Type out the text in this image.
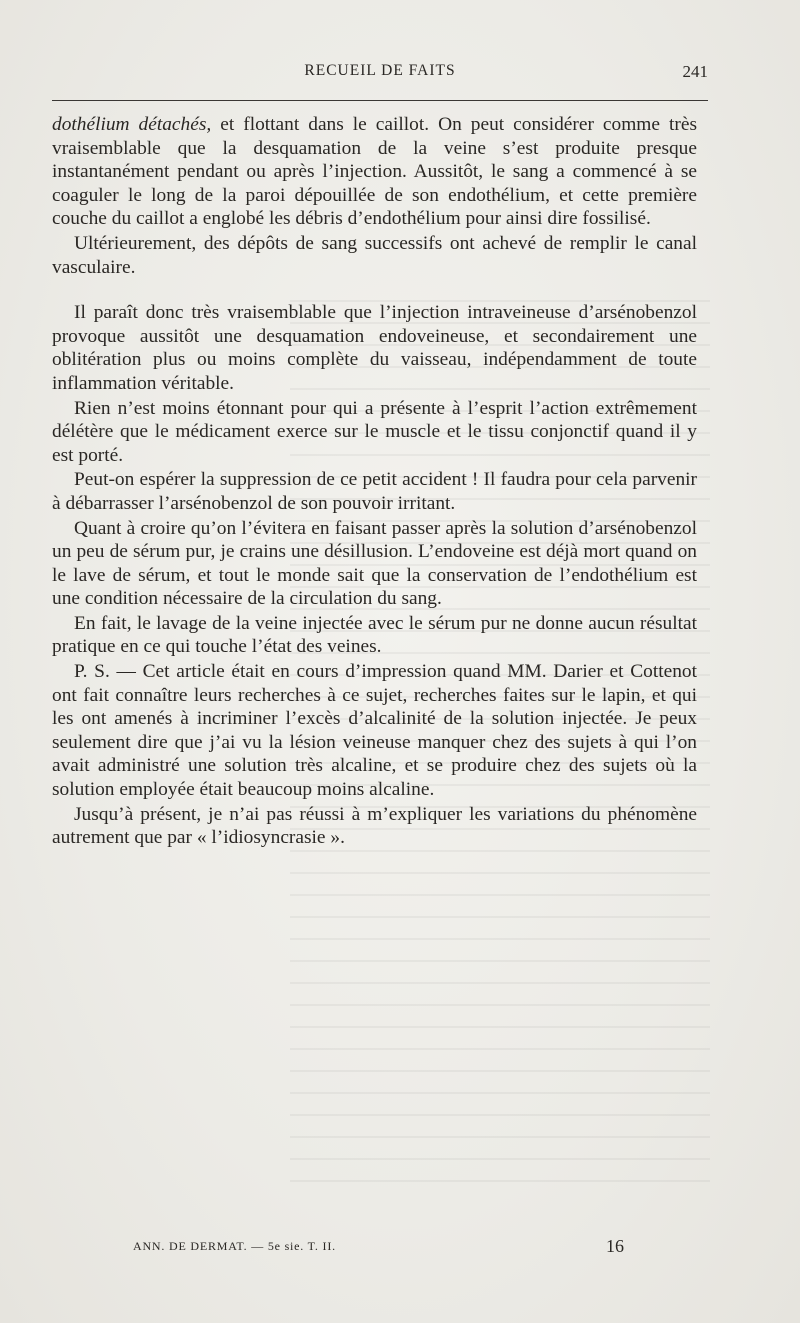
RECUEIL DE FAITS	241

dothélium détachés, et flottant dans le caillot. On peut considérer comme très vraisemblable que la desquamation de la veine s’est produite presque instantanément pendant ou après l’injection. Aussitôt, le sang a commencé à se coaguler le long de la paroi dépouillée de son endothélium, et cette première couche du caillot a englobé les débris d’endothélium pour ainsi dire fossilisé.

Ultérieurement, des dépôts de sang successifs ont achevé de remplir le canal vasculaire.

Il paraît donc très vraisemblable que l’injection intraveineuse d’arsénobenzol provoque aussitôt une desquamation endoveineuse, et secondairement une oblitération plus ou moins complète du vaisseau, indépendamment de toute inflammation véritable.

Rien n’est moins étonnant pour qui a présente à l’esprit l’action extrêmement délétère que le médicament exerce sur le muscle et le tissu conjonctif quand il y est porté.

Peut-on espérer la suppression de ce petit accident ! Il faudra pour cela parvenir à débarrasser l’arsénobenzol de son pouvoir irritant.

Quant à croire qu’on l’évitera en faisant passer après la solution d’arsénobenzol un peu de sérum pur, je crains une désillusion. L’endoveine est déjà mort quand on le lave de sérum, et tout le monde sait que la conservation de l’endothélium est une condition nécessaire de la circulation du sang.

En fait, le lavage de la veine injectée avec le sérum pur ne donne aucun résultat pratique en ce qui touche l’état des veines.

P. S. — Cet article était en cours d’impression quand MM. Darier et Cottenot ont fait connaître leurs recherches à ce sujet, recherches faites sur le lapin, et qui les ont amenés à incriminer l’excès d’alcalinité de la solution injectée. Je peux seulement dire que j’ai vu la lésion veineuse manquer chez des sujets à qui l’on avait administré une solution très alcaline, et se produire chez des sujets où la solution employée était beaucoup moins alcaline.

Jusqu’à présent, je n’ai pas réussi à m’expliquer les variations du phénomène autrement que par « l’idiosyncrasie ».

ANN. DE DERMAT. — 5e sie. T. II.	16
